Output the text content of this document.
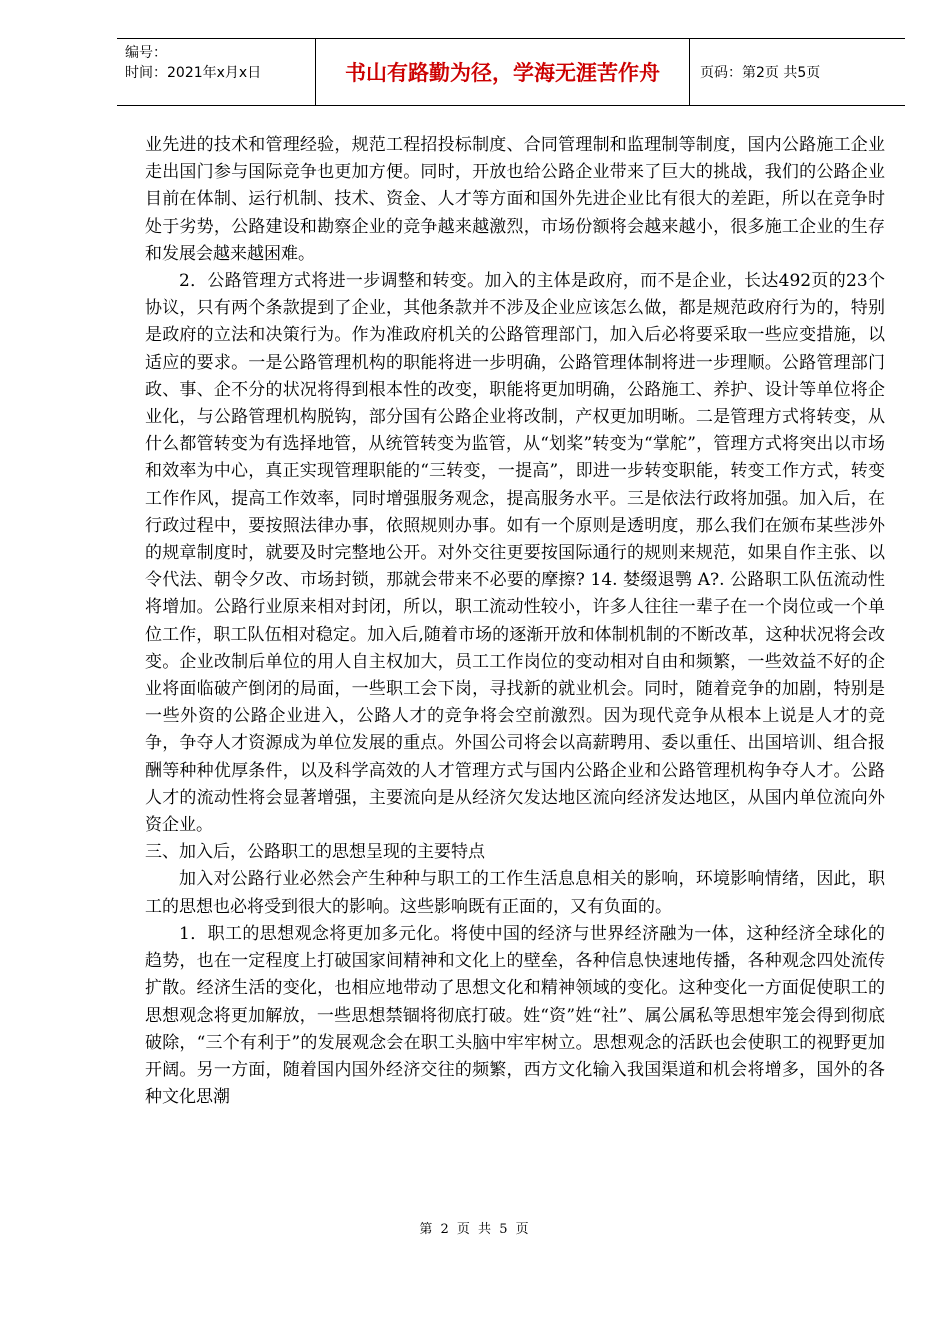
编号：
时间：2021年x月x日	书山有路勤为径，学海无涯苦作舟	页码：第2页 共5页

业先进的技术和管理经验，规范工程招投标制度、合同管理制和监理制等制度，国内公路施工企业走出国门参与国际竞争也更加方便。同时，开放也给公路企业带来了巨大的挑战，我们的公路企业目前在体制、运行机制、技术、资金、人才等方面和国外先进企业比有很大的差距，所以在竞争时处于劣势，公路建设和勘察企业的竞争越来越激烈，市场份额将会越来越小，很多施工企业的生存和发展会越来越困难。

2．公路管理方式将进一步调整和转变。加入的主体是政府，而不是企业，长达492页的23个协议，只有两个条款提到了企业，其他条款并不涉及企业应该怎么做，都是规范政府行为的，特别是政府的立法和决策行为。作为准政府机关的公路管理部门，加入后必将要采取一些应变措施，以适应的要求。一是公路管理机构的职能将进一步明确，公路管理体制将进一步理顺。公路管理部门政、事、企不分的状况将得到根本性的改变，职能将更加明确，公路施工、养护、设计等单位将企业化，与公路管理机构脱钩，部分国有公路企业将改制，产权更加明晰。二是管理方式将转变，从什么都管转变为有选择地管，从统管转变为监管，从“划桨”转变为“掌舵”，管理方式将突出以市场和效率为中心，真正实现管理职能的“三转变，一提高”，即进一步转变职能，转变工作方式，转变工作作风，提高工作效率，同时增强服务观念，提高服务水平。三是依法行政将加强。加入后，在行政过程中，要按照法律办事，依照规则办事。如有一个原则是透明度，那么我们在颁布某些涉外的规章制度时，就要及时完整地公开。对外交往更要按国际通行的规则来规范，如果自作主张、以令代法、朝令夕改、市场封锁，那就会带来不必要的摩擦? 14. 婪缀退鹗 A?. 公路职工队伍流动性将增加。公路行业原来相对封闭，所以，职工流动性较小，许多人往往一辈子在一个岗位或一个单位工作，职工队伍相对稳定。加入后,随着市场的逐渐开放和体制机制的不断改革，这种状况将会改变。企业改制后单位的用人自主权加大，员工工作岗位的变动相对自由和频繁，一些效益不好的企业将面临破产倒闭的局面，一些职工会下岗，寻找新的就业机会。同时，随着竞争的加剧，特别是一些外资的公路企业进入，公路人才的竞争将会空前激烈。因为现代竞争从根本上说是人才的竞争，争夺人才资源成为单位发展的重点。外国公司将会以高薪聘用、委以重任、出国培训、组合报酬等种种优厚条件，以及科学高效的人才管理方式与国内公路企业和公路管理机构争夺人才。公路人才的流动性将会显著增强，主要流向是从经济欠发达地区流向经济发达地区，从国内单位流向外资企业。

三、加入后，公路职工的思想呈现的主要特点

加入对公路行业必然会产生种种与职工的工作生活息息相关的影响，环境影响情绪，因此，职工的思想也必将受到很大的影响。这些影响既有正面的，又有负面的。

1．职工的思想观念将更加多元化。将使中国的经济与世界经济融为一体，这种经济全球化的趋势，也在一定程度上打破国家间精神和文化上的壁垒，各种信息快速地传播，各种观念四处流传扩散。经济生活的变化，也相应地带动了思想文化和精神领域的变化。这种变化一方面促使职工的思想观念将更加解放，一些思想禁锢将彻底打破。姓“资”姓“社”、属公属私等思想牢笼会得到彻底破除，“三个有利于”的发展观念会在职工头脑中牢牢树立。思想观念的活跃也会使职工的视野更加开阔。另一方面，随着国内国外经济交往的频繁，西方文化输入我国渠道和机会将增多，国外的各种文化思潮

第 2 页 共 5 页
